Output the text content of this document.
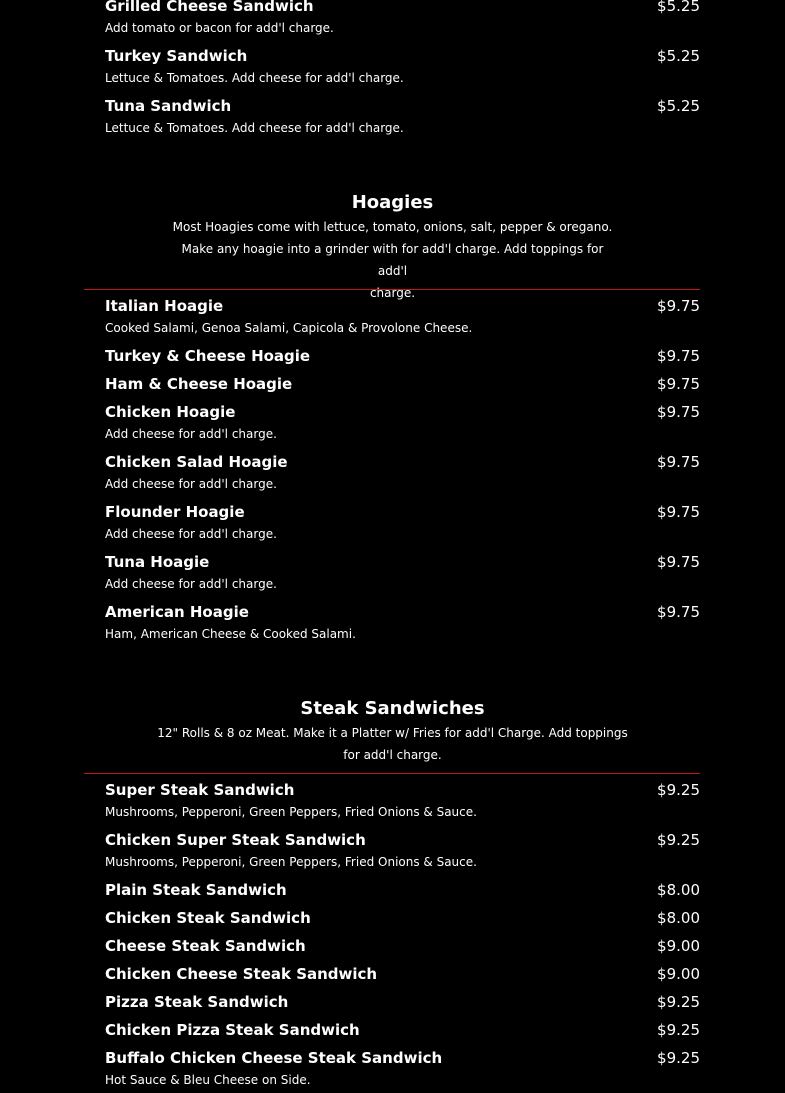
Grilled Cheese Sandwich	$5.25
Add tomato or bacon for add'l charge.
Turkey Sandwich	$5.25
Lettuce & Tomatoes. Add cheese for add'l charge.
Tuna Sandwich	$5.25
Lettuce & Tomatoes. Add cheese for add'l charge.
Hoagies
Most Hoagies come with lettuce, tomato, onions, salt, pepper & oregano.
Make any hoagie into a grinder with for add'l charge. Add toppings for add'l
charge.
Italian Hoagie	$9.75
Cooked Salami, Genoa Salami, Capicola & Provolone Cheese.
Turkey & Cheese Hoagie	$9.75
Ham & Cheese Hoagie	$9.75
Chicken Hoagie	$9.75
Add cheese for add'l charge.
Chicken Salad Hoagie	$9.75
Add cheese for add'l charge.
Flounder Hoagie	$9.75
Add cheese for add'l charge.
Tuna Hoagie	$9.75
Add cheese for add'l charge.
American Hoagie	$9.75
Ham, American Cheese & Cooked Salami.
Steak Sandwiches
12" Rolls & 8 oz Meat. Make it a Platter w/ Fries for add'l Charge. Add toppings
for add'l charge.
Super Steak Sandwich	$9.25
Mushrooms, Pepperoni, Green Peppers, Fried Onions & Sauce.
Chicken Super Steak Sandwich	$9.25
Mushrooms, Pepperoni, Green Peppers, Fried Onions & Sauce.
Plain Steak Sandwich	$8.00
Chicken Steak Sandwich	$8.00
Cheese Steak Sandwich	$9.00
Chicken Cheese Steak Sandwich	$9.00
Pizza Steak Sandwich	$9.25
Chicken Pizza Steak Sandwich	$9.25
Buffalo Chicken Cheese Steak Sandwich	$9.25
Hot Sauce & Bleu Cheese on Side.
